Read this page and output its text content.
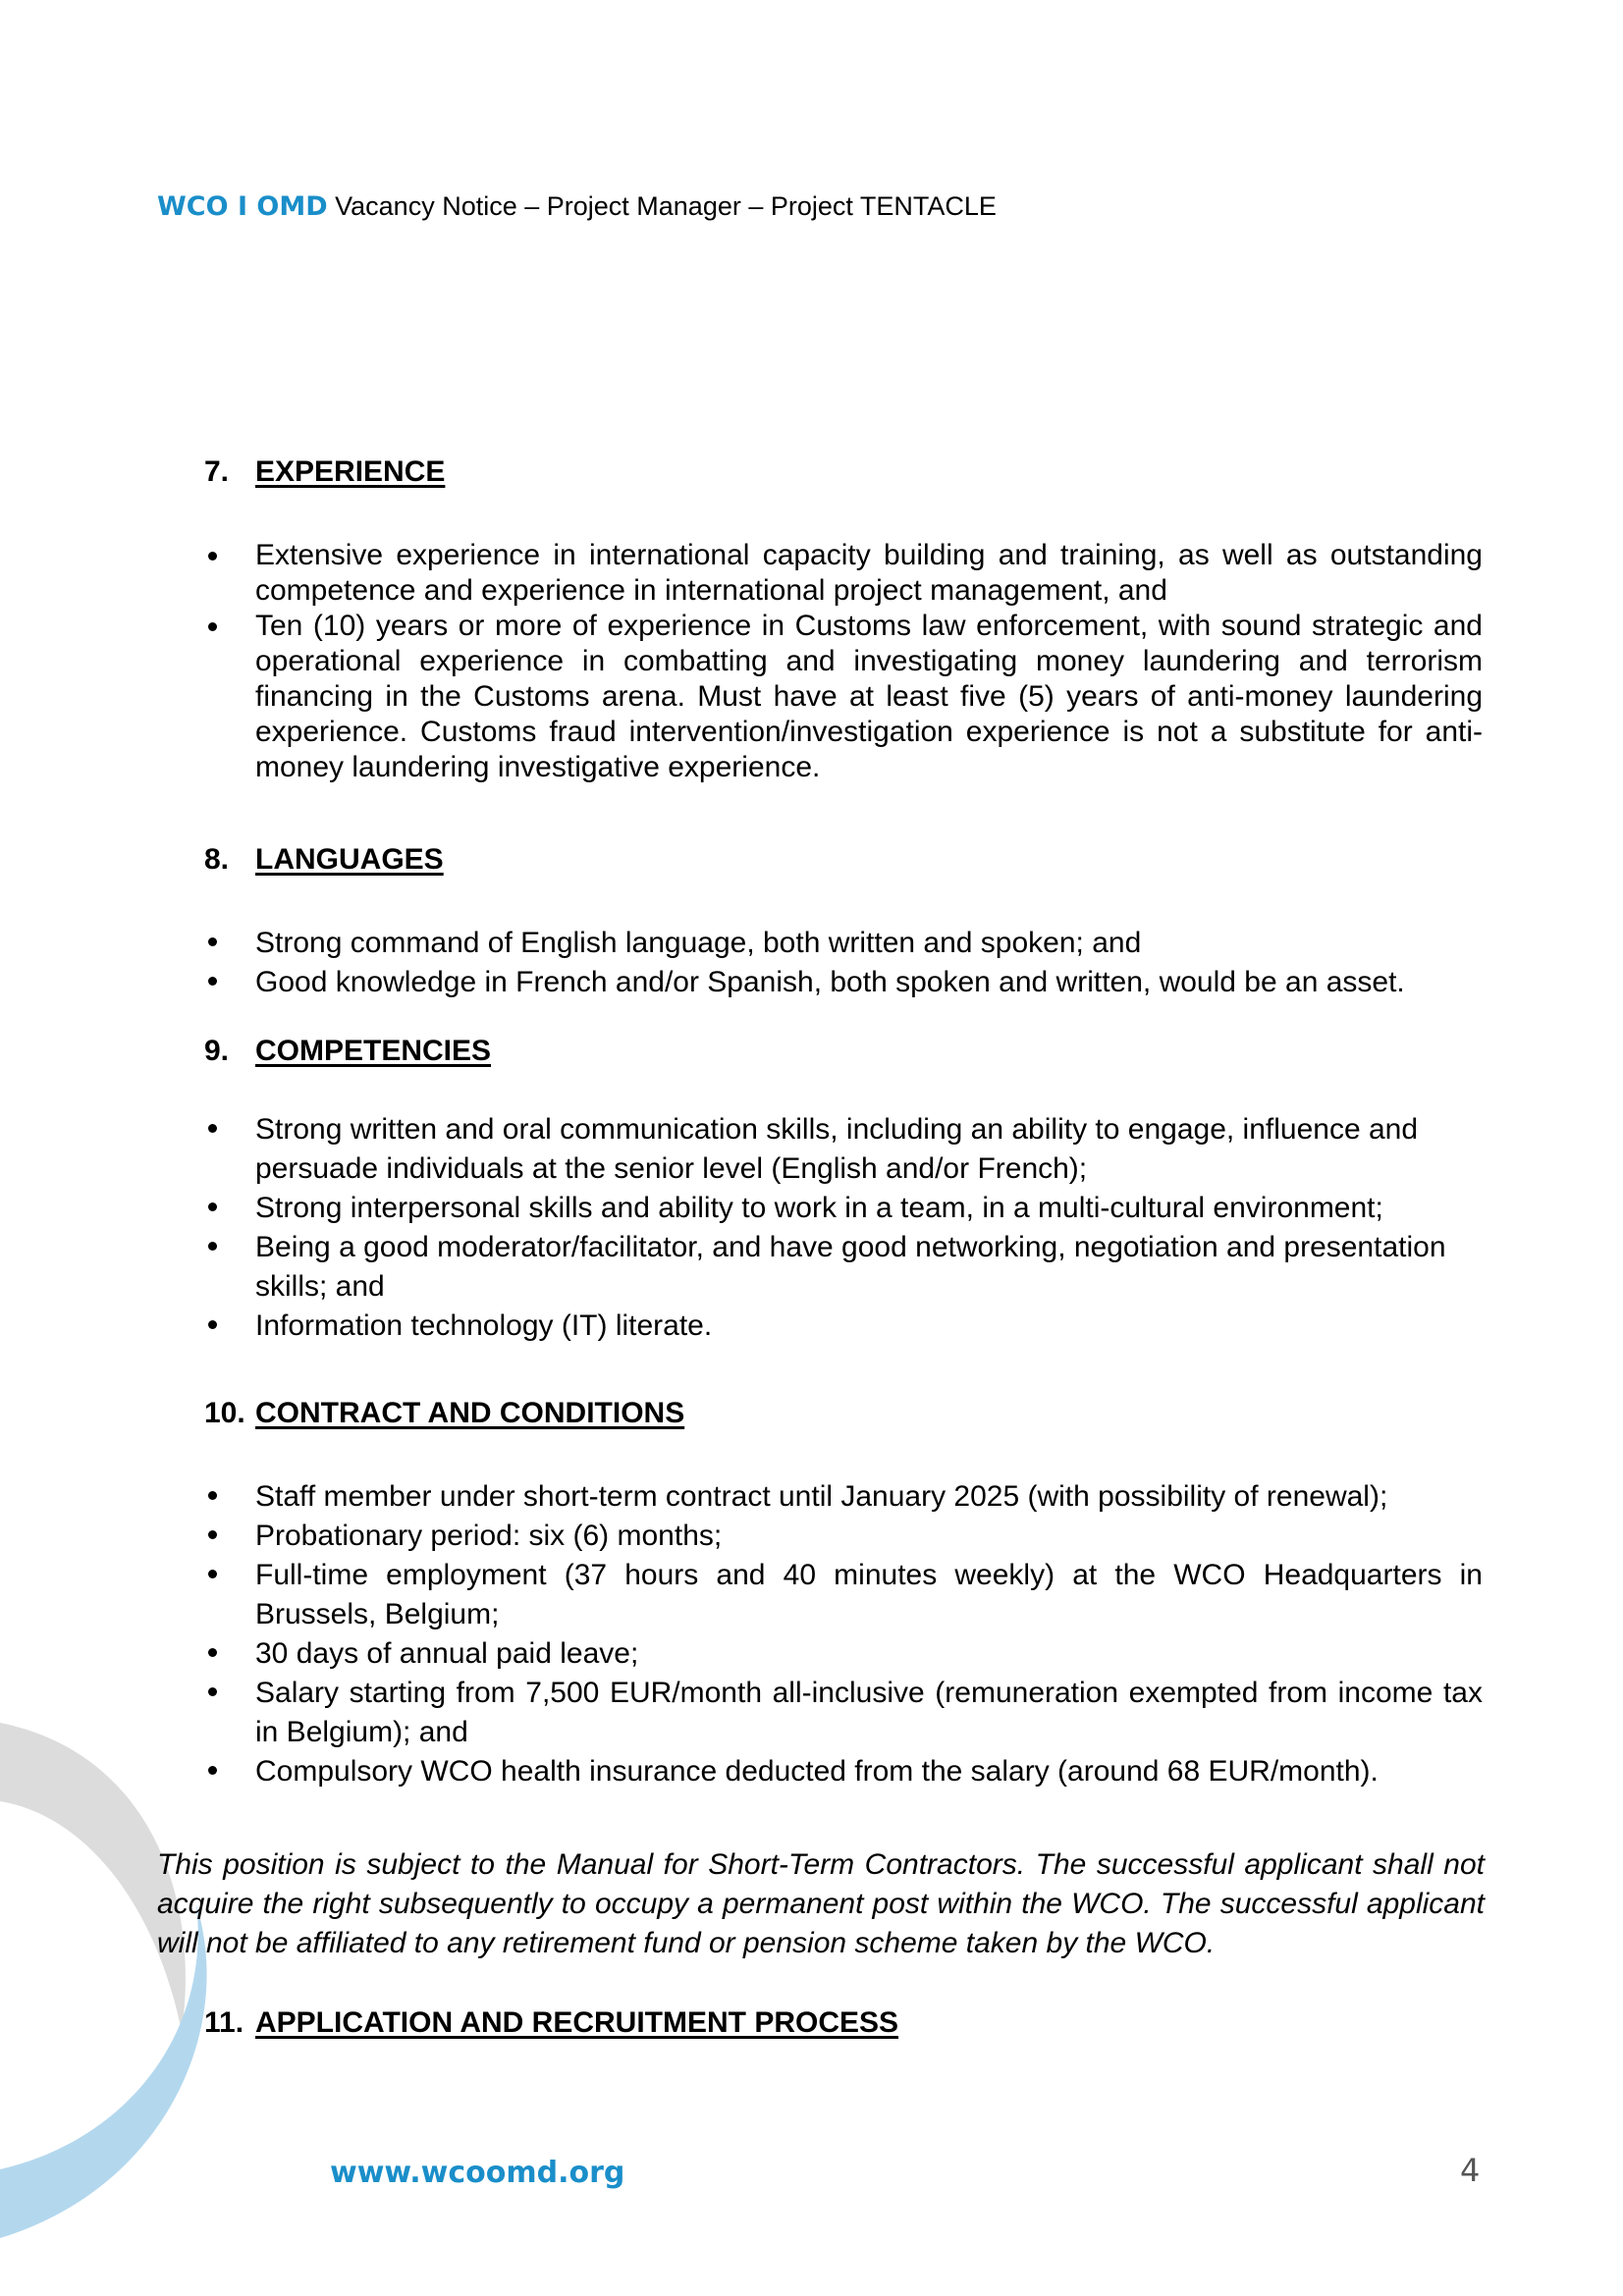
WCO I OMD Vacancy Notice – Project Manager – Project TENTACLE
7. EXPERIENCE
Extensive experience in international capacity building and training, as well as outstanding competence and experience in international project management, and
Ten (10) years or more of experience in Customs law enforcement, with sound strategic and operational experience in combatting and investigating money laundering and terrorism financing in the Customs arena. Must have at least five (5) years of anti-money laundering experience. Customs fraud intervention/investigation experience is not a substitute for anti-money laundering investigative experience.
8. LANGUAGES
Strong command of English language, both written and spoken; and
Good knowledge in French and/or Spanish, both spoken and written, would be an asset.
9. COMPETENCIES
Strong written and oral communication skills, including an ability to engage, influence and persuade individuals at the senior level (English and/or French);
Strong interpersonal skills and ability to work in a team, in a multi-cultural environment;
Being a good moderator/facilitator, and have good networking, negotiation and presentation skills; and
Information technology (IT) literate.
10. CONTRACT AND CONDITIONS
Staff member under short-term contract until January 2025 (with possibility of renewal);
Probationary period: six (6) months;
Full-time employment (37 hours and 40 minutes weekly) at the WCO Headquarters in Brussels, Belgium;
30 days of annual paid leave;
Salary starting from 7,500 EUR/month all-inclusive (remuneration exempted from income tax in Belgium); and
Compulsory WCO health insurance deducted from the salary (around 68 EUR/month).
This position is subject to the Manual for Short-Term Contractors. The successful applicant shall not acquire the right subsequently to occupy a permanent post within the WCO. The successful applicant will not be affiliated to any retirement fund or pension scheme taken by the WCO.
11. APPLICATION AND RECRUITMENT PROCESS
www.wcoomd.org	4
